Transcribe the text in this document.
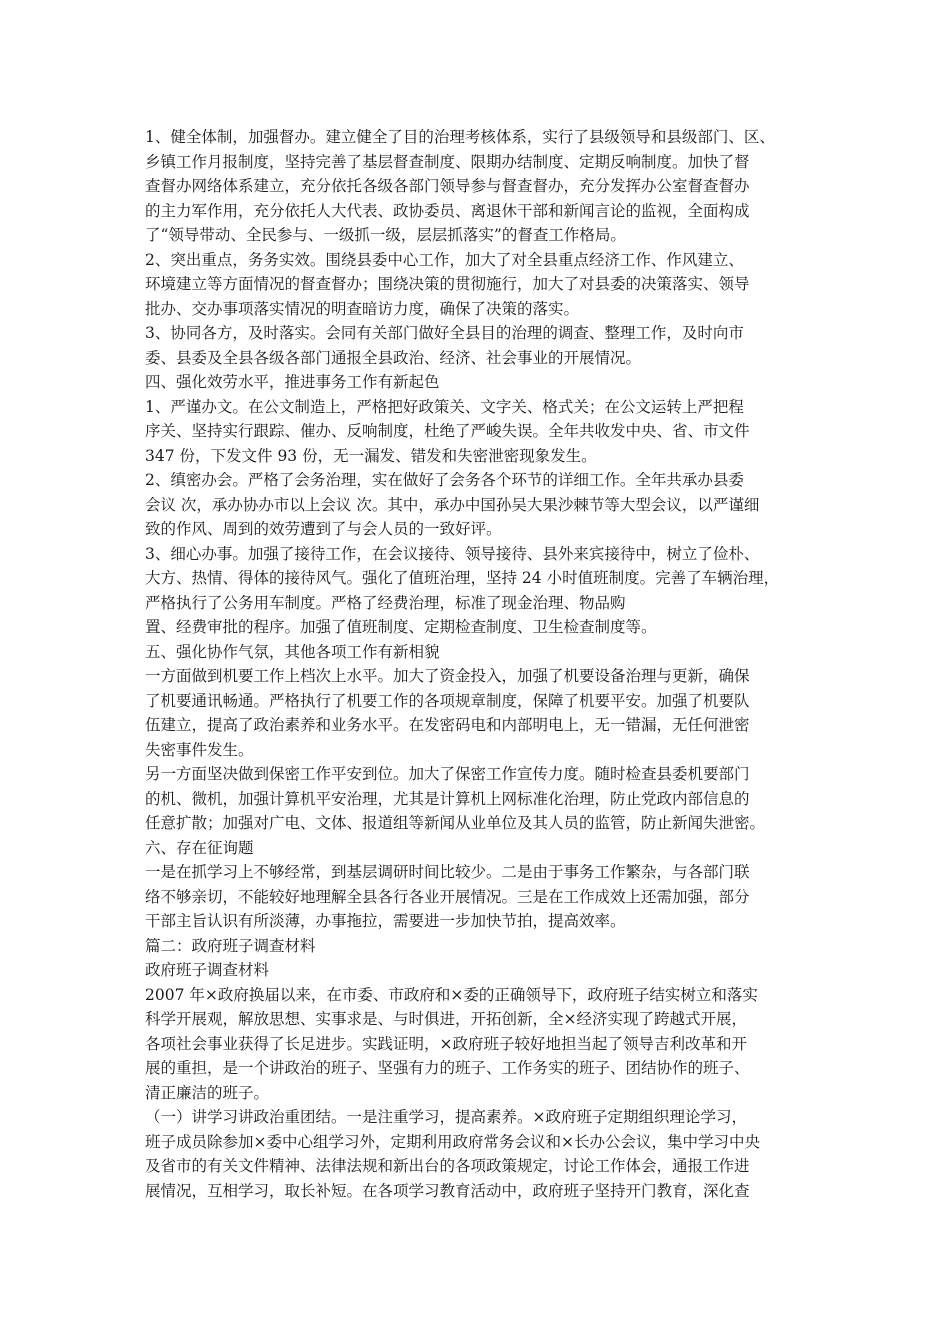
1、健全体制，加强督办。建立健全了目的治理考核体系，实行了县级领导和县级部门、区、
乡镇工作月报制度，坚持完善了基层督查制度、限期办结制度、定期反响制度。加快了督
查督办网络体系建立，充分依托各级各部门领导参与督查督办，充分发挥办公室督查督办
的主力军作用，充分依托人大代表、政协委员、离退休干部和新闻言论的监视，全面构成
了“领导带动、全民参与、一级抓一级，层层抓落实”的督查工作格局。
2、突出重点，务务实效。围绕县委中心工作，加大了对全县重点经济工作、作风建立、
环境建立等方面情况的督查督办；围绕决策的贯彻施行，加大了对县委的决策落实、领导
批办、交办事项落实情况的明查暗访力度，确保了决策的落实。
3、协同各方，及时落实。会同有关部门做好全县目的治理的调查、整理工作，及时向市
委、县委及全县各级各部门通报全县政治、经济、社会事业的开展情况。
四、强化效劳水平，推进事务工作有新起色
1、严谨办文。在公文制造上，严格把好政策关、文字关、格式关；在公文运转上严把程
序关、坚持实行跟踪、催办、反响制度，杜绝了严峻失误。全年共收发中央、省、市文件
347 份，下发文件 93 份，无一漏发、错发和失密泄密现象发生。
2、缜密办会。严格了会务治理，实在做好了会务各个环节的详细工作。全年共承办县委
会议 次，承办协办市以上会议 次。其中，承办中国孙吴大果沙棘节等大型会议，以严谨细
致的作风、周到的效劳遭到了与会人员的一致好评。
3、细心办事。加强了接待工作，在会议接待、领导接待、县外来宾接待中，树立了俭朴、
大方、热情、得体的接待风气。强化了值班治理，坚持 24 小时值班制度。完善了车辆治理，
严格执行了公务用车制度。严格了经费治理，标准了现金治理、物品购
置、经费审批的程序。加强了值班制度、定期检查制度、卫生检查制度等。
五、强化协作气氛，其他各项工作有新相貌
一方面做到机要工作上档次上水平。加大了资金投入，加强了机要设备治理与更新，确保
了机要通讯畅通。严格执行了机要工作的各项规章制度，保障了机要平安。加强了机要队
伍建立，提高了政治素养和业务水平。在发密码电和内部明电上，无一错漏，无任何泄密
失密事件发生。
另一方面坚决做到保密工作平安到位。加大了保密工作宣传力度。随时检查县委机要部门
的机、微机，加强计算机平安治理，尤其是计算机上网标准化治理，防止党政内部信息的
任意扩散；加强对广电、文体、报道组等新闻从业单位及其人员的监管，防止新闻失泄密。
六、存在征询题
一是在抓学习上不够经常，到基层调研时间比较少。二是由于事务工作繁杂，与各部门联
络不够亲切，不能较好地理解全县各行各业开展情况。三是在工作成效上还需加强，部分
干部主旨认识有所淡薄，办事拖拉，需要进一步加快节拍，提高效率。
篇二：政府班子调查材料
政府班子调查材料
2007 年×政府换届以来，在市委、市政府和×委的正确领导下，政府班子结实树立和落实
科学开展观，解放思想、实事求是、与时俱进，开拓创新，全×经济实现了跨越式开展，
各项社会事业获得了长足进步。实践证明，×政府班子较好地担当起了领导吉利改革和开
展的重担，是一个讲政治的班子、坚强有力的班子、工作务实的班子、团结协作的班子、
清正廉洁的班子。
（一）讲学习讲政治重团结。一是注重学习，提高素养。×政府班子定期组织理论学习，
班子成员除参加×委中心组学习外，定期利用政府常务会议和×长办公会议，集中学习中央
及省市的有关文件精神、法律法规和新出台的各项政策规定，讨论工作体会，通报工作进
展情况，互相学习，取长补短。在各项学习教育活动中，政府班子坚持开门教育，深化查
